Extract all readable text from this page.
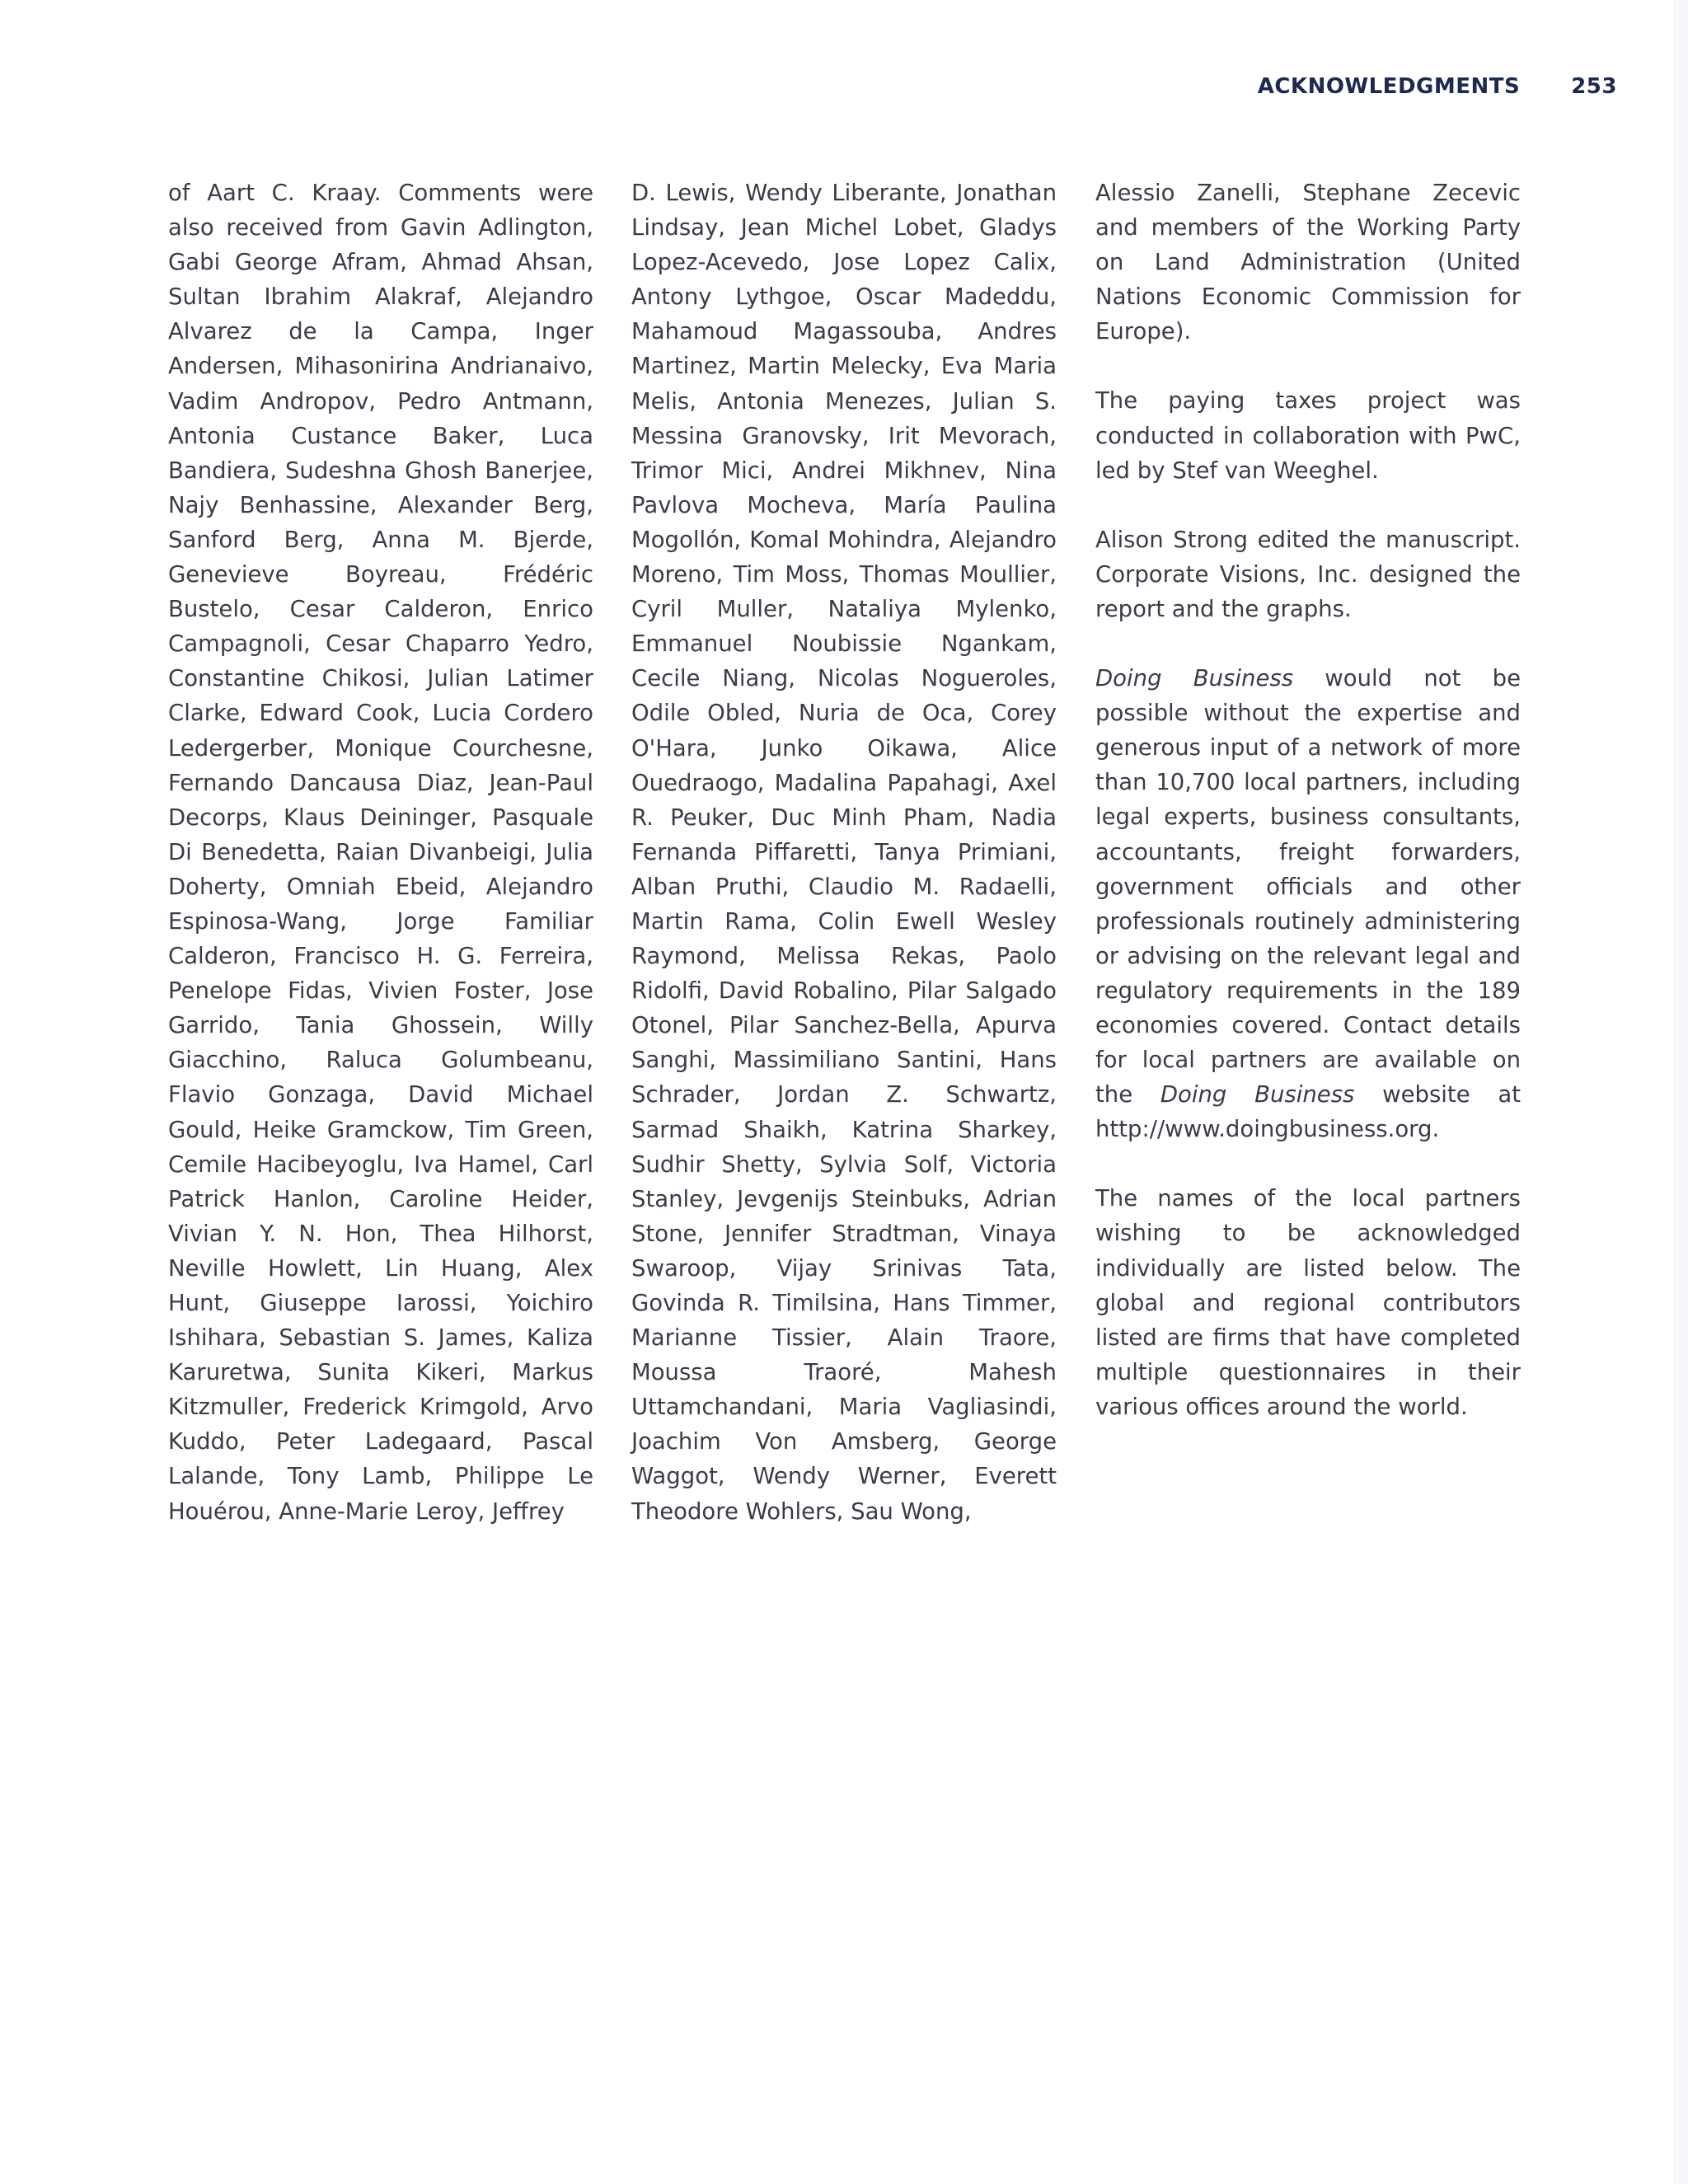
ACKNOWLEDGMENTS 253

of Aart C. Kraay. Comments were also received from Gavin Adlington, Gabi George Afram, Ahmad Ahsan, Sultan Ibrahim Alakraf, Alejandro Alvarez de la Campa, Inger Andersen, Mihasonirina Andrianaivo, Vadim Andropov, Pedro Antmann, Antonia Custance Baker, Luca Bandiera, Sudeshna Ghosh Banerjee, Najy Benhassine, Alexander Berg, Sanford Berg, Anna M. Bjerde, Genevieve Boyreau, Frédéric Bustelo, Cesar Calderon, Enrico Campagnoli, Cesar Chaparro Yedro, Constantine Chikosi, Julian Latimer Clarke, Edward Cook, Lucia Cordero Ledergerber, Monique Courchesne, Fernando Dancausa Diaz, Jean-Paul Decorps, Klaus Deininger, Pasquale Di Benedetta, Raian Divanbeigi, Julia Doherty, Omniah Ebeid, Alejandro Espinosa-Wang, Jorge Familiar Calderon, Francisco H. G. Ferreira, Penelope Fidas, Vivien Foster, Jose Garrido, Tania Ghossein, Willy Giacchino, Raluca Golumbeanu, Flavio Gonzaga, David Michael Gould, Heike Gramckow, Tim Green, Cemile Hacibeyoglu, Iva Hamel, Carl Patrick Hanlon, Caroline Heider, Vivian Y. N. Hon, Thea Hilhorst, Neville Howlett, Lin Huang, Alex Hunt, Giuseppe Iarossi, Yoichiro Ishihara, Sebastian S. James, Kaliza Karuretwa, Sunita Kikeri, Markus Kitzmuller, Frederick Krimgold, Arvo Kuddo, Peter Ladegaard, Pascal Lalande, Tony Lamb, Philippe Le Houérou, Anne-Marie Leroy, Jeffrey

D. Lewis, Wendy Liberante, Jonathan Lindsay, Jean Michel Lobet, Gladys Lopez-Acevedo, Jose Lopez Calix, Antony Lythgoe, Oscar Madeddu, Mahamoud Magassouba, Andres Martinez, Martin Melecky, Eva Maria Melis, Antonia Menezes, Julian S. Messina Granovsky, Irit Mevorach, Trimor Mici, Andrei Mikhnev, Nina Pavlova Mocheva, María Paulina Mogollón, Komal Mohindra, Alejandro Moreno, Tim Moss, Thomas Moullier, Cyril Muller, Nataliya Mylenko, Emmanuel Noubissie Ngankam, Cecile Niang, Nicolas Nogueroles, Odile Obled, Nuria de Oca, Corey O'Hara, Junko Oikawa, Alice Ouedraogo, Madalina Papahagi, Axel R. Peuker, Duc Minh Pham, Nadia Fernanda Piffaretti, Tanya Primiani, Alban Pruthi, Claudio M. Radaelli, Martin Rama, Colin Ewell Wesley Raymond, Melissa Rekas, Paolo Ridolfi, David Robalino, Pilar Salgado Otonel, Pilar Sanchez-Bella, Apurva Sanghi, Massimiliano Santini, Hans Schrader, Jordan Z. Schwartz, Sarmad Shaikh, Katrina Sharkey, Sudhir Shetty, Sylvia Solf, Victoria Stanley, Jevgenijs Steinbuks, Adrian Stone, Jennifer Stradtman, Vinaya Swaroop, Vijay Srinivas Tata, Govinda R. Timilsina, Hans Timmer, Marianne Tissier, Alain Traore, Moussa Traoré, Mahesh Uttamchandani, Maria Vagliasindi, Joachim Von Amsberg, George Waggot, Wendy Werner, Everett Theodore Wohlers, Sau Wong,

Alessio Zanelli, Stephane Zecevic and members of the Working Party on Land Administration (United Nations Economic Commission for Europe).

The paying taxes project was conducted in collaboration with PwC, led by Stef van Weeghel.

Alison Strong edited the manuscript. Corporate Visions, Inc. designed the report and the graphs.

Doing Business would not be possible without the expertise and generous input of a network of more than 10,700 local partners, including legal experts, business consultants, accountants, freight forwarders, government officials and other professionals routinely administering or advising on the relevant legal and regulatory requirements in the 189 economies covered. Contact details for local partners are available on the Doing Business website at http://www.doingbusiness.org.

The names of the local partners wishing to be acknowledged individually are listed below. The global and regional contributors listed are firms that have completed multiple questionnaires in their various offices around the world.
